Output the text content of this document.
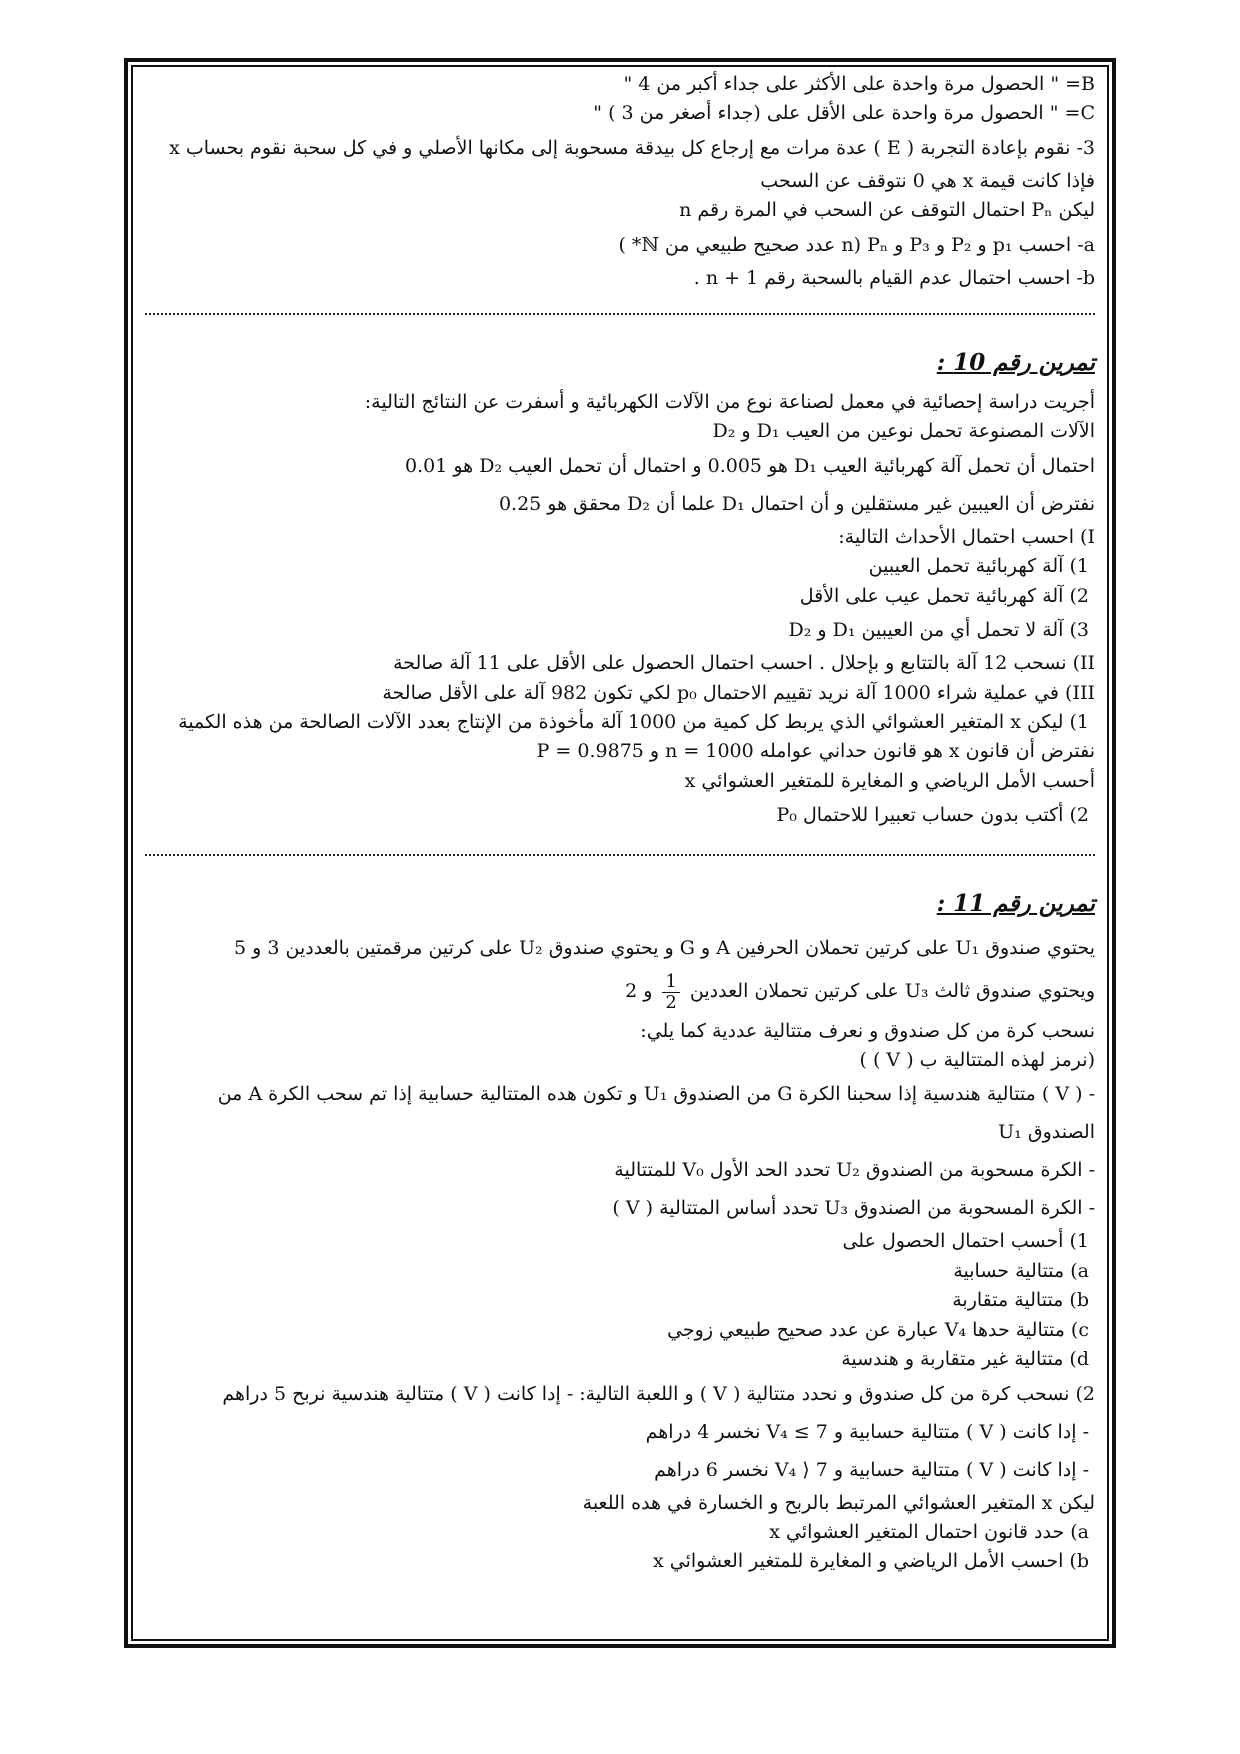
B= " الحصول مرة واحدة على الأكثر على جداء أكبر من 4 "

C= " الحصول مرة واحدة على الأقل على (جداء أصغر من 3 ) "

3- نقوم بإعادة التجربة ( E ) عدة مرات مع إرجاع كل بيدقة مسحوبة إلى مكانها الأصلي و في كل سحبة نقوم بحساب x

فإذا كانت قيمة x هي 0 نتوقف عن السحب

ليكن Pₙ احتمال التوقف عن السحب في المرة رقم n

a- احسب p₁ و P₂ و P₃ و Pₙ (n عدد صحيح طبيعي من ℕ* )

b- احسب احتمال عدم القيام بالسحبة رقم n + 1 .

تمرين رقم 10 :

أجريت دراسة إحصائية في معمل لصناعة نوع من الآلات الكهربائية و أسفرت عن النتائج التالية:

الآلات المصنوعة تحمل نوعين من العيب D₁ و D₂

احتمال أن تحمل آلة كهربائية العيب D₁ هو 0.005 و احتمال أن تحمل العيب D₂ هو 0.01

نفترض أن العيبين غير مستقلين و أن احتمال D₁ علما أن D₂ محقق هو 0.25

I) احسب احتمال الأحداث التالية:

1) آلة كهربائية تحمل العيبين

2) آلة كهربائية تحمل عيب على الأقل

3) آلة لا تحمل أي من العيبين D₁ و D₂

II) نسحب 12 آلة بالتتابع و بإحلال . احسب احتمال الحصول على الأقل على 11 آلة صالحة

III) في عملية شراء 1000 آلة نريد تقييم الاحتمال p₀ لكي تكون 982 آلة على الأقل صالحة

1) ليكن x المتغير العشوائي الذي يربط كل كمية من 1000 آلة مأخوذة من الإنتاج بعدد الآلات الصالحة من هذه الكمية

نفترض أن قانون x هو قانون حداني عوامله n = 1000 و P = 0.9875

أحسب الأمل الرياضي و المغايرة للمتغير العشوائي x

2) أكتب بدون حساب تعبيرا للاحتمال P₀

تمرين رقم 11 :

يحتوي صندوق U₁ على كرتين تحملان الحرفين A و G و يحتوي صندوق U₂ على كرتين مرقمتين بالعددين 3 و 5

ويحتوي صندوق ثالث U₃ على كرتين تحملان العددين
$\frac{1}{2}$
و 2

نسحب كرة من كل صندوق و نعرف متتالية عددية كما يلي:

(نرمز لهذه المتتالية ب ( V ) )

- ( V ) متتالية هندسية إذا سحبنا الكرة G من الصندوق U₁ و تكون هده المتتالية حسابية إذا تم سحب الكرة A من

الصندوق U₁

- الكرة مسحوبة من الصندوق U₂ تحدد الحد الأول V₀ للمتتالية

- الكرة المسحوبة من الصندوق U₃ تحدد أساس المتتالية ( V )

1) أحسب احتمال الحصول على

a) متتالية حسابية

b) متتالية متقاربة

c) متتالية حدها V₄ عبارة عن عدد صحيح طبيعي زوجي

d) متتالية غير متقاربة و هندسية

2) نسحب كرة من كل صندوق و نحدد متتالية ( V ) و اللعبة التالية: - إدا كانت ( V ) متتالية هندسية نربح 5 دراهم

- إدا كانت ( V ) متتالية حسابية و V₄ ≤ 7 نخسر 4 دراهم

- إدا كانت ( V ) متتالية حسابية و V₄ ⟩ 7 نخسر 6 دراهم

ليكن x المتغير العشوائي المرتبط بالربح و الخسارة في هده اللعبة

a) حدد قانون احتمال المتغير العشوائي x

b) احسب الأمل الرياضي و المغايرة للمتغير العشوائي x
